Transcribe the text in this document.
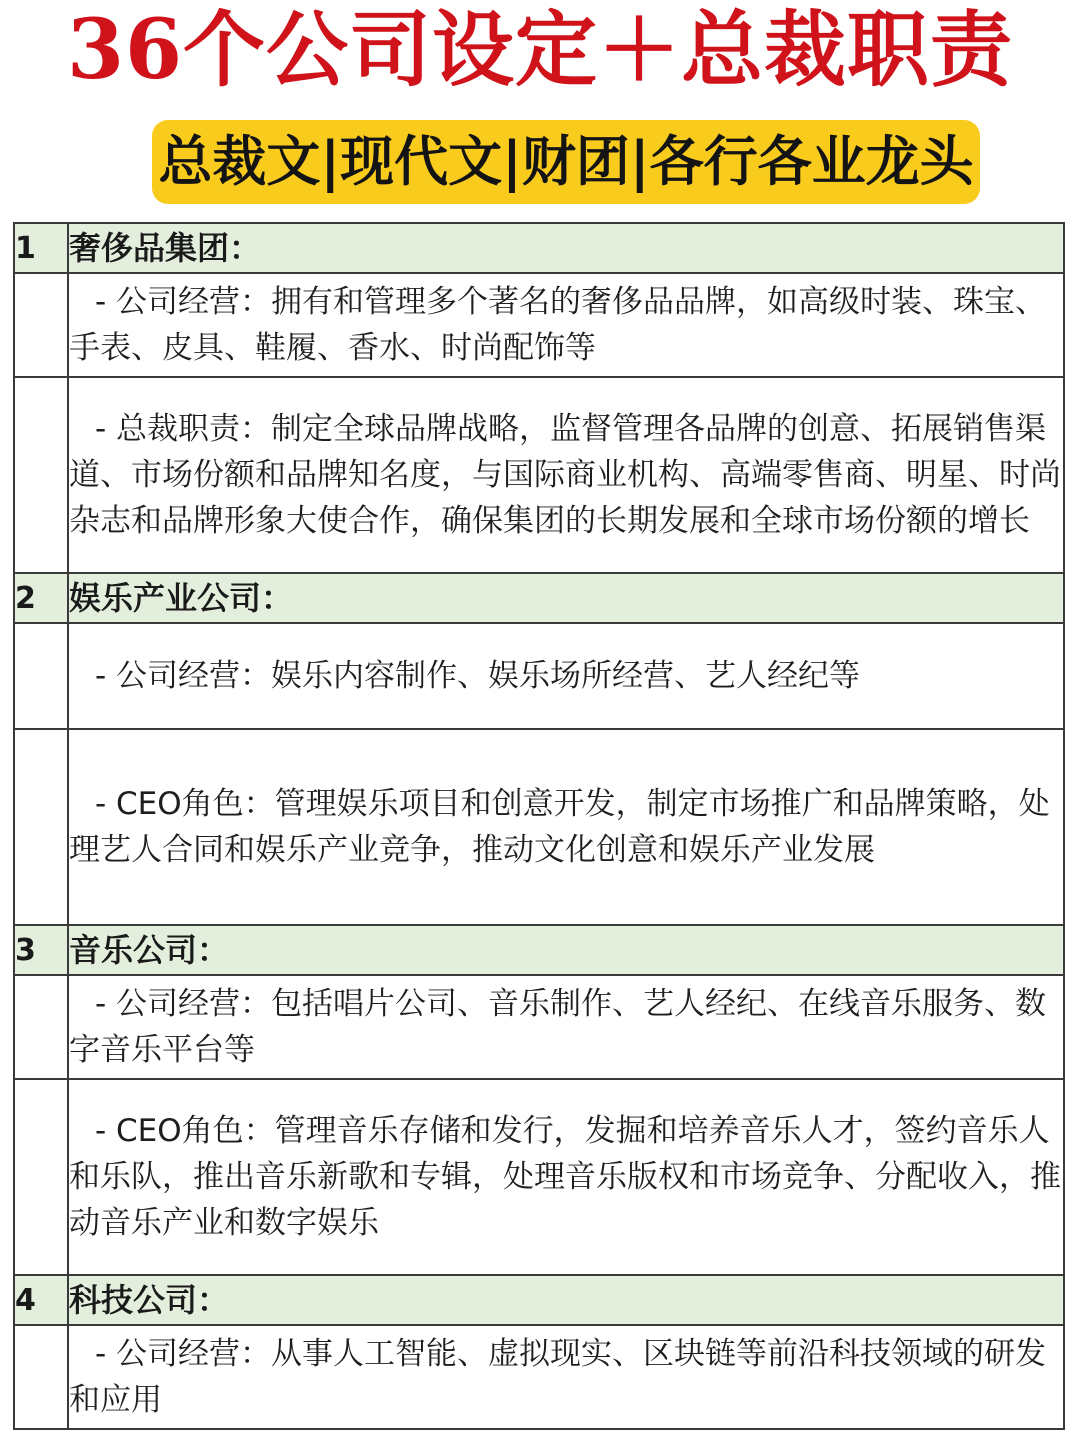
36个公司设定＋总裁职责
总裁文|现代文|财团|各行各业龙头
1	奢侈品集团：
	- 公司经营：拥有和管理多个著名的奢侈品品牌，如高级时装、珠宝、手表、皮具、鞋履、香水、时尚配饰等
	- 总裁职责：制定全球品牌战略，监督管理各品牌的创意、拓展销售渠道、市场份额和品牌知名度，与国际商业机构、高端零售商、明星、时尚杂志和品牌形象大使合作，确保集团的长期发展和全球市场份额的增长
2	娱乐产业公司：
	- 公司经营：娱乐内容制作、娱乐场所经营、艺人经纪等
	- CEO角色：管理娱乐项目和创意开发，制定市场推广和品牌策略，处理艺人合同和娱乐产业竞争，推动文化创意和娱乐产业发展
3	音乐公司：
	- 公司经营：包括唱片公司、音乐制作、艺人经纪、在线音乐服务、数字音乐平台等
	- CEO角色：管理音乐存储和发行，发掘和培养音乐人才，签约音乐人和乐队，推出音乐新歌和专辑，处理音乐版权和市场竞争、分配收入，推动音乐产业和数字娱乐
4	科技公司：
	- 公司经营：从事人工智能、虚拟现实、区块链等前沿科技领域的研发和应用
